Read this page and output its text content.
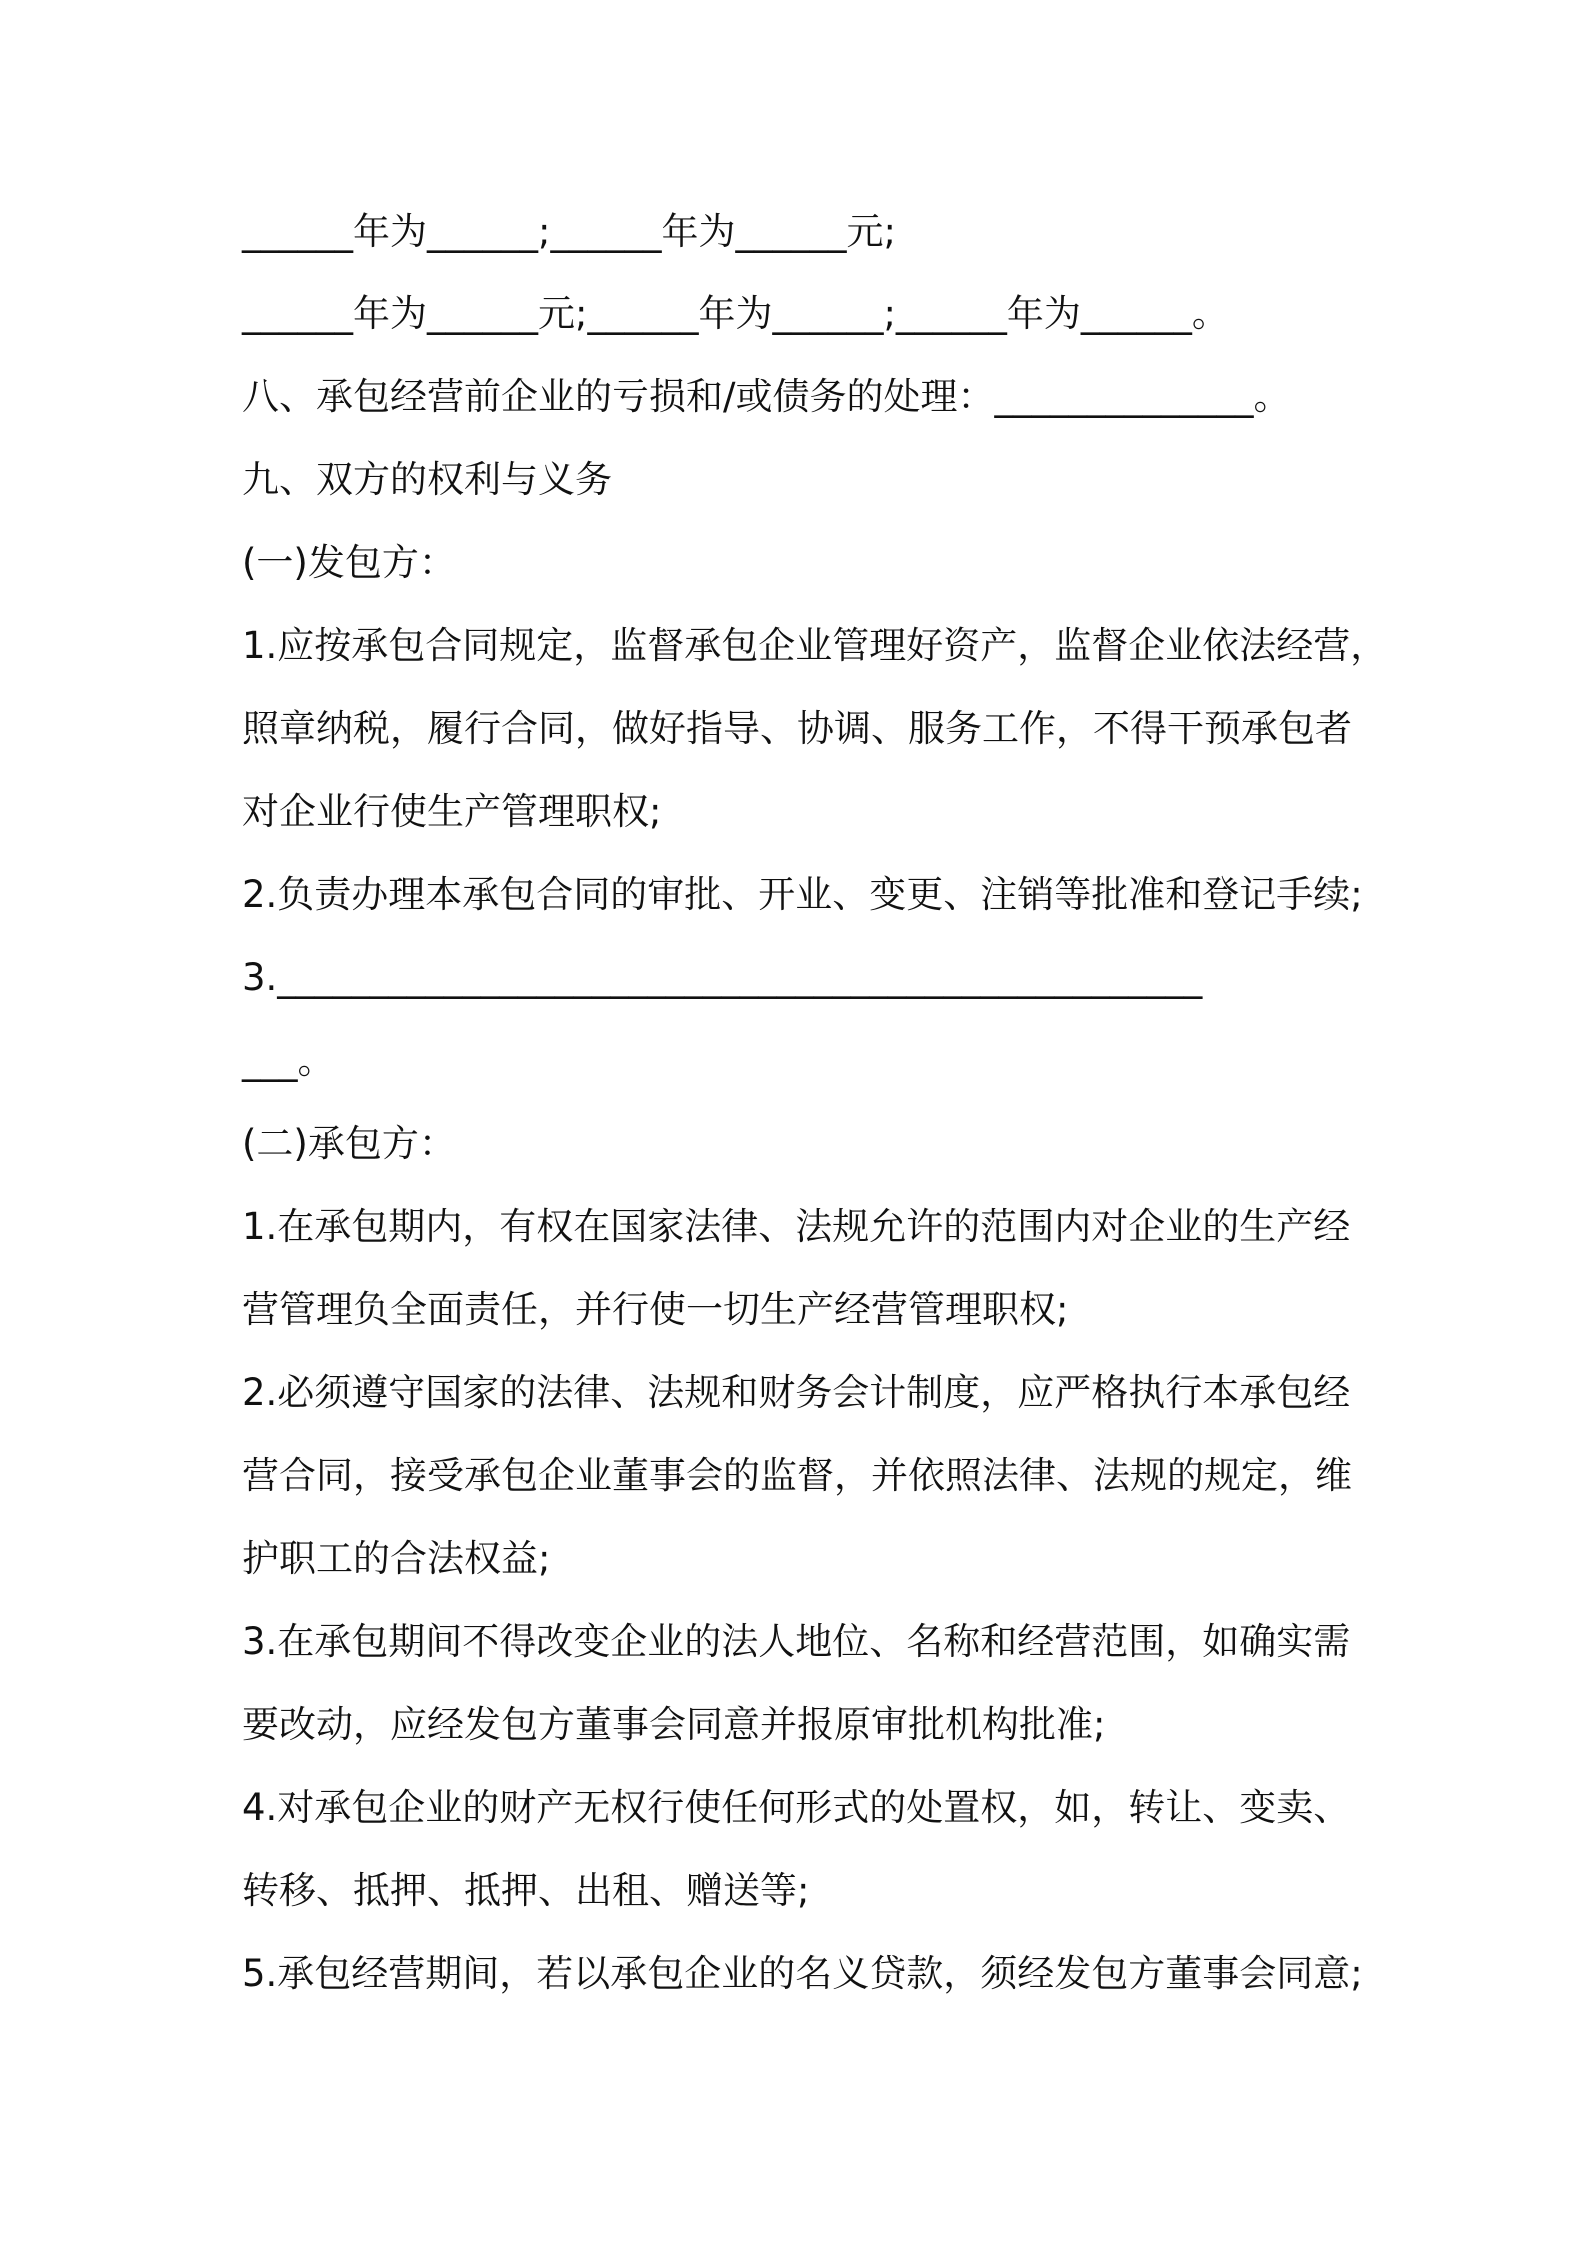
______年为______;______年为______元;
______年为______元;______年为______;______年为______。
八、承包经营前企业的亏损和/或债务的处理：______________。
九、双方的权利与义务
(一)发包方：
1.应按承包合同规定，监督承包企业管理好资产，监督企业依法经营，
照章纳税，履行合同，做好指导、协调、服务工作，不得干预承包者
对企业行使生产管理职权;
2.负责办理本承包合同的审批、开业、变更、注销等批准和登记手续;
3.__________________________________________________
___。
(二)承包方：
1.在承包期内，有权在国家法律、法规允许的范围内对企业的生产经
营管理负全面责任，并行使一切生产经营管理职权;
2.必须遵守国家的法律、法规和财务会计制度，应严格执行本承包经
营合同，接受承包企业董事会的监督，并依照法律、法规的规定，维
护职工的合法权益;
3.在承包期间不得改变企业的法人地位、名称和经营范围，如确实需
要改动，应经发包方董事会同意并报原审批机构批准;
4.对承包企业的财产无权行使任何形式的处置权，如，转让、变卖、
转移、抵押、抵押、出租、赠送等;
5.承包经营期间，若以承包企业的名义贷款，须经发包方董事会同意;
